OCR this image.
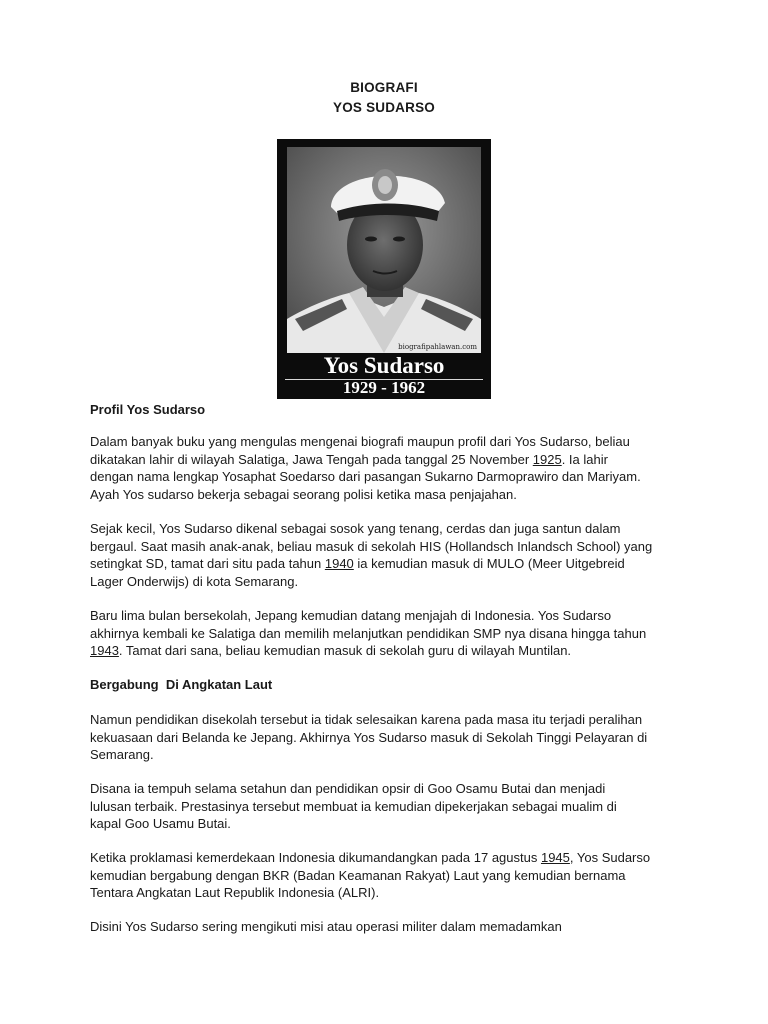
BIOGRAFI
YOS SUDARSO
biografipahlawan.com
Yos Sudarso
1929 - 1962
Profil Yos Sudarso
Dalam banyak buku yang mengulas mengenai biografi maupun profil dari Yos Sudarso, beliau
dikatakan lahir di wilayah Salatiga, Jawa Tengah pada tanggal 25 November 1925. Ia lahir
dengan nama lengkap Yosaphat Soedarso dari pasangan Sukarno Darmoprawiro dan Mariyam.
Ayah Yos sudarso bekerja sebagai seorang polisi ketika masa penjajahan.
Sejak kecil, Yos Sudarso dikenal sebagai sosok yang tenang, cerdas dan juga santun dalam
bergaul. Saat masih anak-anak, beliau masuk di sekolah HIS (Hollandsch Inlandsch School) yang
setingkat SD, tamat dari situ pada tahun 1940 ia kemudian masuk di MULO (Meer Uitgebreid
Lager Onderwijs) di kota Semarang.
Baru lima bulan bersekolah, Jepang kemudian datang menjajah di Indonesia. Yos Sudarso
akhirnya kembali ke Salatiga dan memilih melanjutkan pendidikan SMP nya disana hingga tahun
1943. Tamat dari sana, beliau kemudian masuk di sekolah guru di wilayah Muntilan.
Bergabung  Di Angkatan Laut
Namun pendidikan disekolah tersebut ia tidak selesaikan karena pada masa itu terjadi peralihan
kekuasaan dari Belanda ke Jepang. Akhirnya Yos Sudarso masuk di Sekolah Tinggi Pelayaran di
Semarang.
Disana ia tempuh selama setahun dan pendidikan opsir di Goo Osamu Butai dan menjadi
lulusan terbaik. Prestasinya tersebut membuat ia kemudian dipekerjakan sebagai mualim di
kapal Goo Usamu Butai.
Ketika proklamasi kemerdekaan Indonesia dikumandangkan pada 17 agustus 1945, Yos Sudarso
kemudian bergabung dengan BKR (Badan Keamanan Rakyat) Laut yang kemudian bernama
Tentara Angkatan Laut Republik Indonesia (ALRI).
Disini Yos Sudarso sering mengikuti misi atau operasi militer dalam memadamkan
